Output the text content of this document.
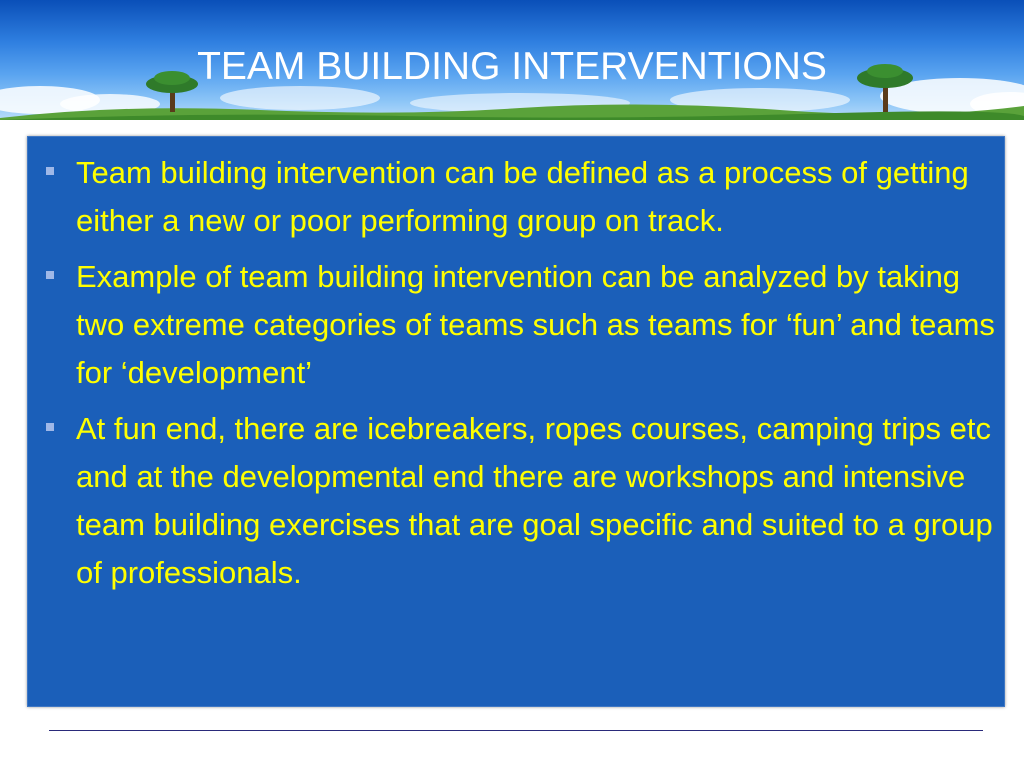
TEAM BUILDING INTERVENTIONS
Team building intervention can be defined as a process of getting either a new or poor performing group on track.
Example of team building intervention can be analyzed by taking two extreme categories of teams such as teams for ‘fun’ and teams for ‘development’
At fun end, there are icebreakers, ropes courses, camping trips etc and at the developmental end there are workshops and intensive team building exercises that are goal specific and suited to a group of professionals.
